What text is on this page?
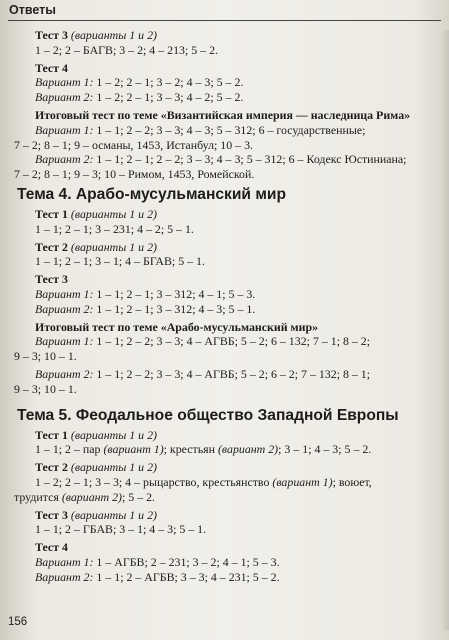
Ответы
Тест 3 (варианты 1 и 2)
1 – 2; 2 – БАГВ; 3 – 2; 4 – 213; 5 – 2.
Тест 4
Вариант 1: 1 – 2; 2 – 1; 3 – 2; 4 – 3; 5 – 2.
Вариант 2: 1 – 2; 2 – 1; 3 – 3; 4 – 2; 5 – 2.
Итоговый тест по теме «Византийская империя — наследница Рима»
Вариант 1: 1 – 1; 2 – 2; 3 – 3; 4 – 3; 5 – 312; 6 – государственные;
7 – 2; 8 – 1; 9 – османы, 1453, Истанбул; 10 – 3.
Вариант 2: 1 – 1; 2 – 1; 2 – 2; 3 – 3; 4 – 3; 5 – 312; 6 – Кодекс Юстиниана;
7 – 2; 8 – 1; 9 – 3; 10 – Римом, 1453, Ромейской.
Тема 4. Арабо-мусульманский мир
Тест 1 (варианты 1 и 2)
1 – 1; 2 – 1; 3 – 231; 4 – 2; 5 – 1.
Тест 2 (варианты 1 и 2)
1 – 1; 2 – 1; 3 – 1; 4 – БГАВ; 5 – 1.
Тест 3
Вариант 1: 1 – 1; 2 – 1; 3 – 312; 4 – 1; 5 – 3.
Вариант 2: 1 – 1; 2 – 1; 3 – 312; 4 – 3; 5 – 1.
Итоговый тест по теме «Арабо-мусульманский мир»
Вариант 1: 1 – 1; 2 – 2; 3 – 3; 4 – АГВБ; 5 – 2; 6 – 132; 7 – 1; 8 – 2;
9 – 3; 10 – 1.
Вариант 2: 1 – 1; 2 – 2; 3 – 3; 4 – АГВБ; 5 – 2; 6 – 2; 7 – 132; 8 – 1;
9 – 3; 10 – 1.
Тема 5. Феодальное общество Западной Европы
Тест 1 (варианты 1 и 2)
1 – 1; 2 – пар (вариант 1); крестьян (вариант 2); 3 – 1; 4 – 3; 5 – 2.
Тест 2 (варианты 1 и 2)
1 – 2; 2 – 1; 3 – 3; 4 – рыцарство, крестьянство (вариант 1); воюет,
трудится (вариант 2); 5 – 2.
Тест 3 (варианты 1 и 2)
1 – 1; 2 – ГБАВ; 3 – 1; 4 – 3; 5 – 1.
Тест 4
Вариант 1: 1 – АГБВ; 2 – 231; 3 – 2; 4 – 1; 5 – 3.
Вариант 2: 1 – 1; 2 – АГБВ; 3 – 3; 4 – 231; 5 – 2.
156
